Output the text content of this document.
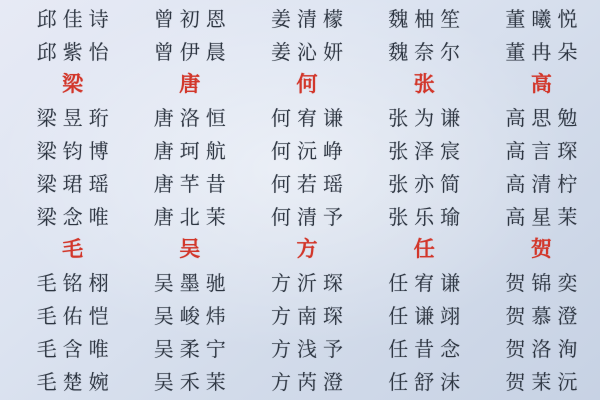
邱佳诗 曾初恩 姜清檬 魏柚笙 董曦悦
邱紫怡 曾伊晨 姜沁妍 魏奈尔 董冉朵
梁	唐	何	张	高
梁昱珩 唐洛恒 何宥谦 张为谦 高思勉
梁钧博 唐珂航 何沅峥 张泽宸 高言琛
梁珺瑶 唐芊昔 何若瑶 张亦简 高清柠
梁念唯 唐北茉 何清予 张乐瑜 高星茉
毛	吴	方	任	贺
毛铭栩 吴墨驰 方沂琛 任宥谦 贺锦奕
毛佑恺 吴峻炜 方南琛 任谦翊 贺慕澄
毛含唯 吴柔宁 方浅予 任昔念 贺洛洵
毛楚婉 吴禾茉 方芮澄 任舒沫 贺茉沅
